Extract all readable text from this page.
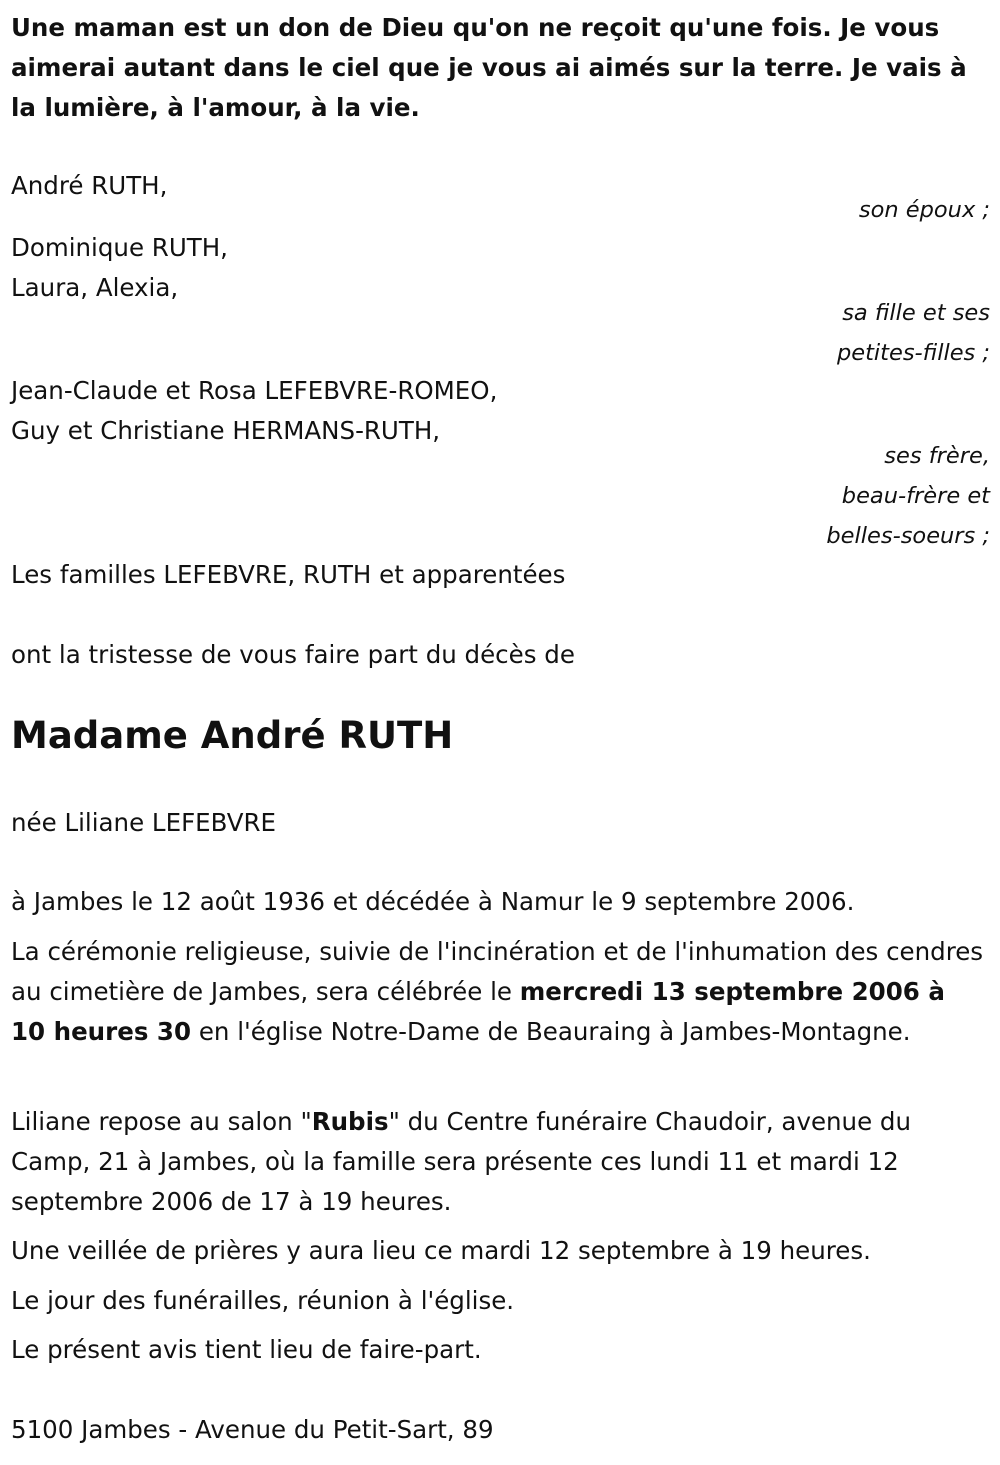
Une maman est un don de Dieu qu'on ne reçoit qu'une fois. Je vous aimerai autant dans le ciel que je vous ai aimés sur la terre. Je vais à la lumière, à l'amour, à la vie.

André RUTH,

son époux ;

Dominique RUTH,

Laura, Alexia,

sa fille et ses

petites-filles ;

Jean-Claude et Rosa LEFEBVRE-ROMEO,

Guy et Christiane HERMANS-RUTH,

ses frère,

beau-frère et

belles-soeurs ;

Les familles LEFEBVRE, RUTH et apparentées

ont la tristesse de vous faire part du décès de

Madame André RUTH

née Liliane LEFEBVRE

à Jambes le 12 août 1936 et décédée à Namur le 9 septembre 2006.

La cérémonie religieuse, suivie de l'incinération et de l'inhumation des cendres au cimetière de Jambes, sera célébrée le mercredi 13 septembre 2006 à 10 heures 30 en l'église Notre-Dame de Beauraing à Jambes-Montagne.

Liliane repose au salon "Rubis" du Centre funéraire Chaudoir, avenue du Camp, 21 à Jambes, où la famille sera présente ces lundi 11 et mardi 12 septembre 2006 de 17 à 19 heures.

Une veillée de prières y aura lieu ce mardi 12 septembre à 19 heures.

Le jour des funérailles, réunion à l'église.

Le présent avis tient lieu de faire-part.

5100 Jambes - Avenue du Petit-Sart, 89
